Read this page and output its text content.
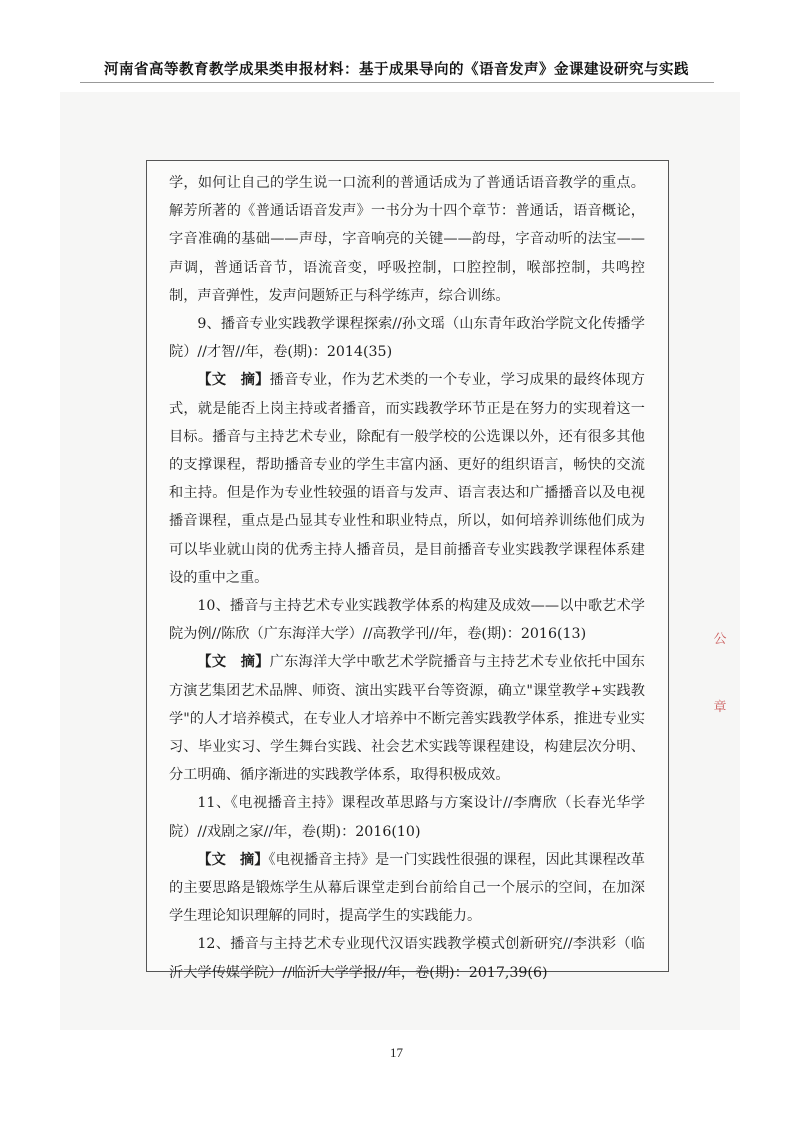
河南省高等教育教学成果类申报材料：基于成果导向的《语音发声》金课建设研究与实践

学，如何让自己的学生说一口流利的普通话成为了普通话语音教学的重点。解芳所著的《普通话语音发声》一书分为十四个章节：普通话，语音概论，字音准确的基础——声母，字音响亮的关键——韵母，字音动听的法宝——声调，普通话音节，语流音变，呼吸控制，口腔控制，喉部控制，共鸣控制，声音弹性，发声问题矫正与科学练声，综合训练。

9、播音专业实践教学课程探索//孙文瑶（山东青年政治学院文化传播学院）//才智//年，卷(期)：2014(35)

【文　摘】播音专业，作为艺术类的一个专业，学习成果的最终体现方式，就是能否上岗主持或者播音，而实践教学环节正是在努力的实现着这一目标。播音与主持艺术专业，除配有一般学校的公选课以外，还有很多其他的支撑课程，帮助播音专业的学生丰富内涵、更好的组织语言，畅快的交流和主持。但是作为专业性较强的语音与发声、语言表达和广播播音以及电视播音课程，重点是凸显其专业性和职业特点，所以，如何培养训练他们成为可以毕业就山岗的优秀主持人播音员，是目前播音专业实践教学课程体系建设的重中之重。

10、播音与主持艺术专业实践教学体系的构建及成效——以中歌艺术学院为例//陈欣（广东海洋大学）//高教学刊//年，卷(期)：2016(13)

【文　摘】广东海洋大学中歌艺术学院播音与主持艺术专业依托中国东方演艺集团艺术品牌、师资、演出实践平台等资源，确立"课堂教学+实践教学"的人才培养模式，在专业人才培养中不断完善实践教学体系，推进专业实习、毕业实习、学生舞台实践、社会艺术实践等课程建设，构建层次分明、分工明确、循序渐进的实践教学体系，取得积极成效。

11、《电视播音主持》课程改革思路与方案设计//李膺欣（长春光华学院）//戏剧之家//年，卷(期)：2016(10)

【文　摘】《电视播音主持》是一门实践性很强的课程，因此其课程改革的主要思路是锻炼学生从幕后课堂走到台前给自己一个展示的空间，在加深学生理论知识理解的同时，提高学生的实践能力。

12、播音与主持艺术专业现代汉语实践教学模式创新研究//李洪彩（临沂大学传媒学院）//临沂大学学报//年，卷(期)：2017,39(6)

公
章
17
